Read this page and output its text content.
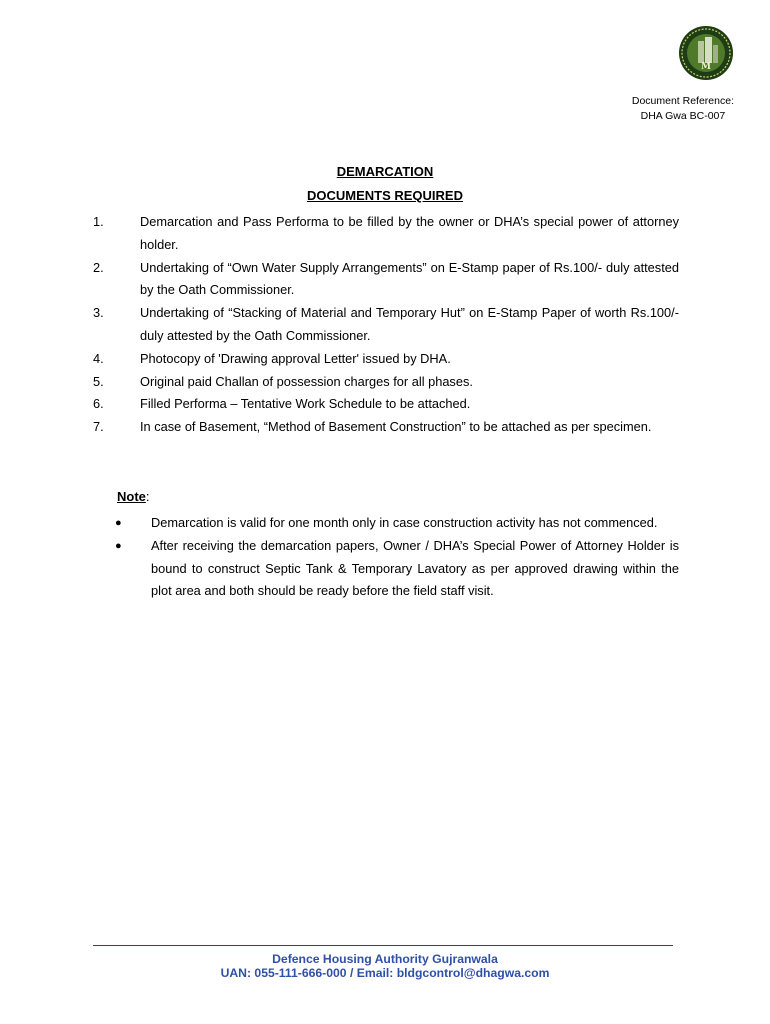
M
Document Reference:
DHA Gwa BC-007
DEMARCATION
DOCUMENTS REQUIRED
1.	Demarcation and Pass Performa to be filled by the owner or DHA’s special power of attorney holder.
2.	Undertaking of “Own Water Supply Arrangements” on E-Stamp paper of Rs.100/- duly attested by the Oath Commissioner.
3.	Undertaking of “Stacking of Material and Temporary Hut” on E-Stamp Paper of worth Rs.100/- duly attested by the Oath Commissioner.
4.	Photocopy of 'Drawing approval Letter' issued by DHA.
5.	Original paid Challan of possession charges for all phases.
6.	Filled Performa – Tentative Work Schedule to be attached.
7.	In case of Basement, “Method of Basement Construction” to be attached as per specimen.
Note:
●	Demarcation is valid for one month only in case construction activity has not commenced.
●	After receiving the demarcation papers, Owner / DHA’s Special Power of Attorney Holder is bound to construct Septic Tank & Temporary Lavatory as per approved drawing within the plot area and both should be ready before the field staff visit.
Defence Housing Authority Gujranwala
UAN: 055-111-666-000 / Email: bldgcontrol@dhagwa.com
